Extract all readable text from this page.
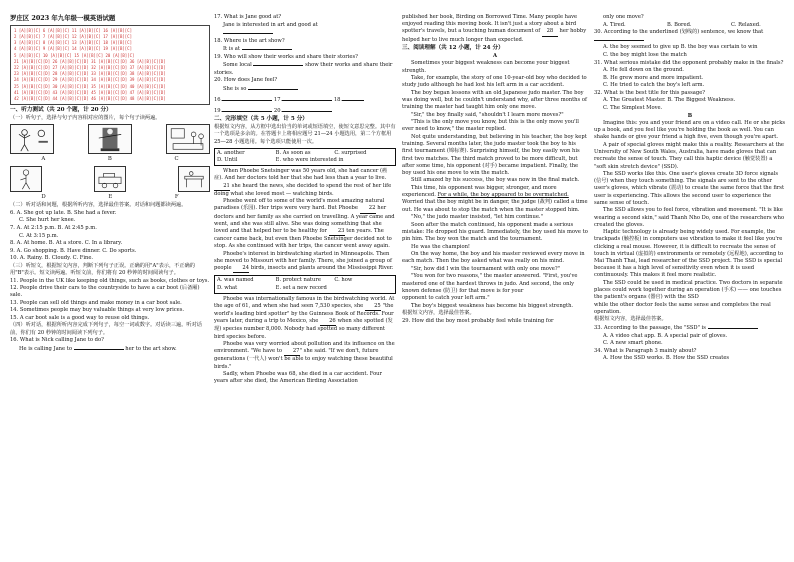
罗庄区 2023 年九年级一模英语试题
1 [A][B][C] 6 [A][B][C] 11 [A][B][C] 16 [A][B][C]
2 [A][B][C] 7 [A][B][C] 12 [A][B][C] 17 [A][B][C]
3 [A][B][C] 8 [A][B][C] 13 [A][B][C] 18 [A][B][C]
4 [A][B][C] 9 [A][B][C] 14 [A][B][C] 19 [A][B][C]
5 [A][B][C] 10 [A][B][C] 15 [A][B][C] 20 [A][B][C]
21 [A][B][C][D] 26 [A][B][C][D] 31 [A][B][C][D] 36 [A][B][C][D]
22 [A][B][C][D] 27 [A][B][C][D] 32 [A][B][C][D] 37 [A][B][C][D]
23 [A][B][C][D] 28 [A][B][C][D] 33 [A][B][C][D] 38 [A][B][C][D]
24 [A][B][C][D] 29 [A][B][C][D] 34 [A][B][C][D] 39 [A][B][C][D]
25 [A][B][C][D] 30 [A][B][C][D] 35 [A][B][C][D] 40 [A][B][C][D]
41 [A][B][C][D] 43 [A][B][C][D] 45 [A][B][C][D] 47 [A][B][C][D]
42 [A][B][C][D] 44 [A][B][C][D] 46 [A][B][C][D] 48 [A][B][C][D]

一、听力测试（共 20 个题，计 20 分）

（一）听句子，选择与句子内容相对应的图片，每个句子读两遍。

A	B	C
D	E	F

（二）听对话和问题，根据所听内容，选择最佳答案。对话和问题都读两遍。

6. A. She got up late. B. She had a fever.

C. She hurt her knee.

7. A. At 2:15 p.m. B. At 2:45 p.m.

C. At 3:15 p.m.

8. A. At home. B. At a store. C. In a library.

9. A. Go shopping. B. Have dinner. C. Do sports.

10. A. Rainy. B. Cloudy. C. Fine.

（三）听短文，根据短文内容，判断下列句子正误。正确的用"A"表示，不正确的用"B"表示。短文读两遍。听短文前，你们将有 20 秒钟的时间阅读句子。

11. People in the UK like keeping old things, such as books, clothes or toys.

12. People drive their cars to the countryside to have a car boot (后备厢) sale.

13. People can sell old things and make money in a car boot sale.

14. Sometimes people may buy valuable things at very low prices.

15. A car boot sale is a good way to reuse old things.

（四）听对话，根据所听内容完成下列句子，每空一词或数字。对话读三遍。听对话前，你们有 20 秒钟的时间阅读下列句子。

16. What is Nick calling Jane to do?

He is calling Jane to	her to the art show.

17. What is Jane good at?

Jane is interested in art and good at

18. Where is the art show?

It is at

19. Who will show their works and share their stories?

Some local	show their works and share their stories.

20. How does Jane feel?

She is so

16.	17.	18.

19.	20.

二、完形填空（共 5 小题，计 5 分）

根据短文内容，从方框中选出恰当的单词或短语填空，使短文意思完整。其中有一个选项是多余的。在答题卡上将相应题号 21—24 小题选用，第二个方框用 25—28 小题选用。每个选项只能使用一次。

A. another	B. As soon as	C. surprised
D. Until	E. who were interested in

When Phoebe Snetsinger was 50 years old, she had cancer (癌症). And her doctors told her that she had less than a year to live. 21 she heard the news, she decided to spend the rest of her life doing what she loved most — watching birds.

Phoebe went off to some of the world's most amazing natural paradises (乐园). Her trips were very hard. But Phoebe 22 her doctors and her family as she carried on travelling. A year came and went, and she was still alive. She was doing something that she loved and that helped her to be healthy for 23 ten years. The cancer came back, but even then Phoebe Snetsinger decided not to stop. As she continued with her trips, the cancer went away again.

Phoebe's interest in birdwatching started in Minneapolis. Then she moved to Missouri with her family. There, she joined a group of people 24 birds, insects and plants around the Mississippi River.

A. was named	B. protect nature	C. how
D. what	E. set a new record

Phoebe was internationally famous in the birdwatching world. At the age of 61, and when she had seen 7,530 species, she 25 "the world's leading bird spotter" by the Guinness Book of Records. Four years later, during a trip to Mexico, she 26 when she spotted (发现) species number 8,000. Nobody had spotted so many different bird species before.

Phoebe was very worried about pollution and its influence on the environment. "We have to 27" she said. "If we don't, future generations (一代人) won't be able to enjoy watching these beautiful birds."

Sadly, when Phoebe was 68, she died in a car accident. Four years after she died, the American Birding Association

published her book, Birding on Borrowed Time. Many people have enjoyed reading this moving book. It isn't just a story about a bird spotter's travels, but a touching human document of 28 her hobby helped her to live much longer than expected.

三、阅读理解（共 12 小题，计 24 分）

A

Sometimes your biggest weakness can become your biggest strength.

Take, for example, the story of one 10-year-old boy who decided to study judo although he had lost his left arm in a car accident.

The boy began lessons with an old Japanese judo master. The boy was doing well, but he couldn't understand why, after three months of training the master had taught him only one move.

"Sir," the boy finally said, "shouldn't I learn more moves?"

"This is the only move you know, but this is the only move you'll ever need to know," the master replied.

Not quite understanding, but believing in his teacher, the boy kept training. Several months later, the judo master took the boy to his first tournament (锦标赛). Surprising himself, the boy easily won his first two matches. The third match proved to be more difficult, but after some time, his opponent (对手) became impatient. Finally, the boy used his one move to win the match.

Still amazed by his success, the boy was now in the final match.

This time, his opponent was bigger, stronger, and more experienced. For a while, the boy appeared to be overmatched. Worried that the boy might be in danger, the judge (裁判) called a time out. He was about to stop the match when the master stopped him.

"No," the judo master insisted, "let him continue."

Soon after the match continued, his opponent made a serious mistake: He dropped his guard. Immediately, the boy used his move to pin him. The boy won the match and the tournament.

He was the champion!

On the way home, the boy and his master reviewed every move in each match. Then the boy asked what was really on his mind.

"Sir, how did I win the tournament with only one move?"

"You won for two reasons," the master answered. "First, you've mastered one of the hardest throws in judo. And second, the only known defense (防卫) for that move is for your

opponent to catch your left arm."

The boy's biggest weakness has become his biggest strength.

根据短文内容，选择最佳答案。

29. How did the boy most probably feel while training for

only one move?

A. Tired.	B. Bored.	C. Relaxed.

30. According to the underlined (划线的) sentence, we know that

A. the boy seemed to give up B. the boy was certain to win

C. the boy might lose the match

31. What serious mistake did the opponent probably make in the finals?

A. He fell down on the ground.

B. He grew more and more impatient.

C. He tried to catch the boy's left arm.

32. What is the best title for this passage?

A. The Greatest Master. B. The Biggest Weakness.

C. The Simplest Move.

B

Imagine this: you and your friend are on a video call. He or she picks up a book, and you feel like you're holding the book as well. You can shake hands or give your friend a high five, even though you're apart.

A pair of special gloves might make this a reality. Researchers at the University of New South Wales, Australia, have made gloves that can recreate the sense of touch. They call this haptic device (触觉装置) a "soft skin stretch device" (SSD).

The SSD works like this. One user's gloves create 3D force signals (信号) when they touch something. The signals are sent to the other user's gloves, which vibrate (震动) to create the same force that the first user is experiencing. This allows the second user to experience the same sense of touch.

The SSD allows you to feel force, vibration and movement. "It is like wearing a second skin," said Thanh Nho Do, one of the researchers who created the gloves.

Haptic technology is already being widely used. For example, the trackpads (触控板) in computers use vibration to make it feel like you're clicking a real mouse. However, it is difficult to recreate the sense of touch in virtual (虚拟的) environments or remotely (远程地), according to Mai Thanh Thai, lead researcher of the SSD project. The SSD is special because it has a high level of sensitivity even when it is used continuously. This makes it feel more realistic.

The SSD could be used in medical practice. Two doctors in separate places could work together during an operation (手术) —— one touches the patient's organs (器官) with the SSD

while the other doctor feels the same sense and completes the real operation.

根据短文内容，选择最佳答案。

33. According to the passage, the "SSD" is

A. A video chat app. B. A special pair of gloves.

C. A new smart phone.

34. What is Paragraph 3 mainly about?

A. How the SSD works. B. How the SSD creates
